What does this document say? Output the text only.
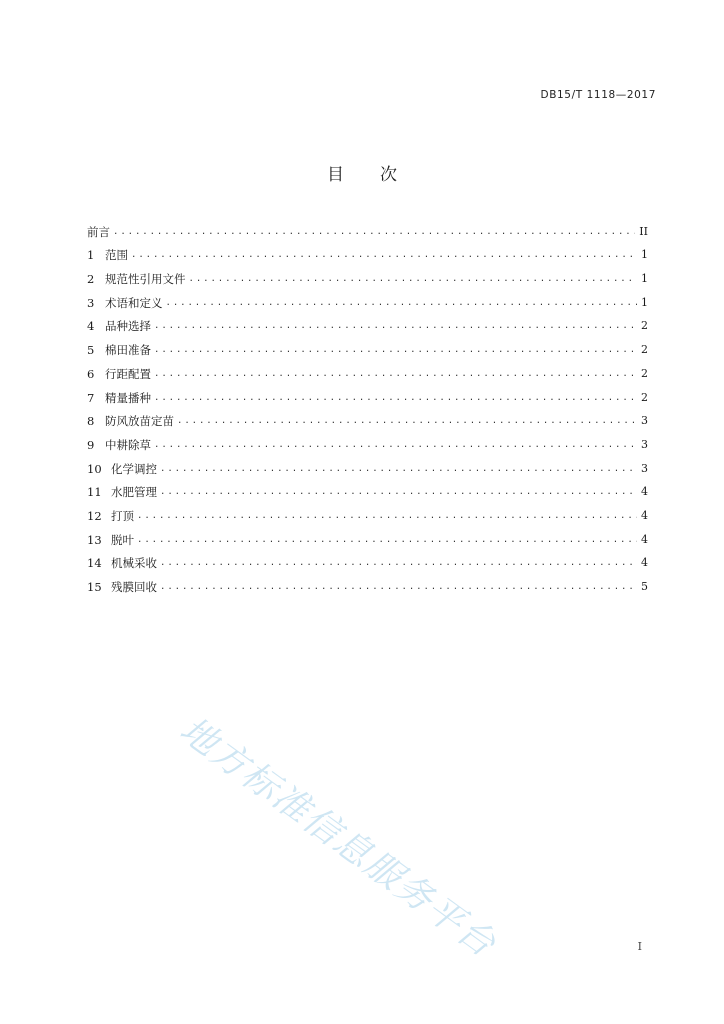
DB15/T 1118—2017
目 次
前言 .....	II
1 范围 .....	1
2 规范性引用文件 .....	1
3 术语和定义 .....	1
4 品种选择 .....	2
5 棉田准备 .....	2
6 行距配置 .....	2
7 精量播种 .....	2
8 防风放苗定苗 .....	3
9 中耕除草 .....	3
10 化学调控 .....	3
11 水肥管理 .....	4
12 打顶 .....	4
13 脱叶 .....	4
14 机械采收 .....	4
15 残膜回收 .....	5
地方标准信息服务平台	I
